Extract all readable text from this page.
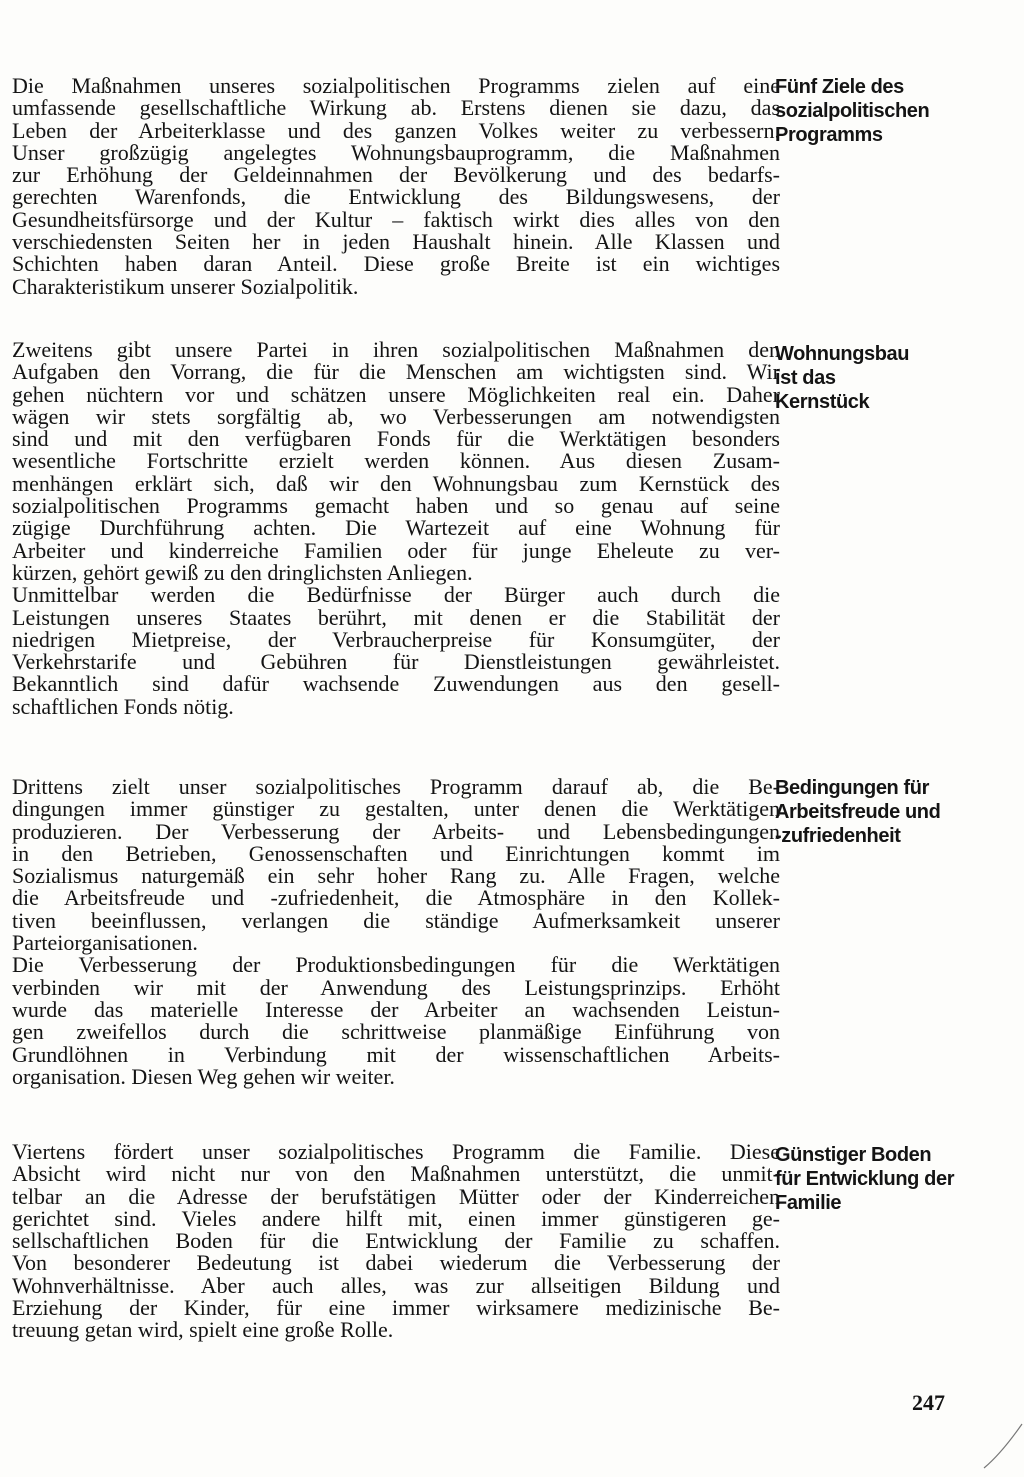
Die Maßnahmen unseres sozialpolitischen Programms zielen auf eine
umfassende gesellschaftliche Wirkung ab. Erstens dienen sie dazu, das
Leben der Arbeiterklasse und des ganzen Volkes weiter zu verbessern.
Unser großzügig angelegtes Wohnungsbauprogramm, die Maßnahmen
zur Erhöhung der Geldeinnahmen der Bevölkerung und des bedarfs-
gerechten Warenfonds, die Entwicklung des Bildungswesens, der
Gesundheitsfürsorge und der Kultur – faktisch wirkt dies alles von den
verschiedensten Seiten her in jeden Haushalt hinein. Alle Klassen und
Schichten haben daran Anteil. Diese große Breite ist ein wichtiges
Charakteristikum unserer Sozialpolitik.
Fünf Ziele des
sozialpolitischen
Programms
Zweitens gibt unsere Partei in ihren sozialpolitischen Maßnahmen den
Aufgaben den Vorrang, die für die Menschen am wichtigsten sind. Wir
gehen nüchtern vor und schätzen unsere Möglichkeiten real ein. Daher
wägen wir stets sorgfältig ab, wo Verbesserungen am notwendigsten
sind und mit den verfügbaren Fonds für die Werktätigen besonders
wesentliche Fortschritte erzielt werden können. Aus diesen Zusam-
menhängen erklärt sich, daß wir den Wohnungsbau zum Kernstück des
sozialpolitischen Programms gemacht haben und so genau auf seine
zügige Durchführung achten. Die Wartezeit auf eine Wohnung für
Arbeiter und kinderreiche Familien oder für junge Eheleute zu ver-
kürzen, gehört gewiß zu den dringlichsten Anliegen.
Unmittelbar werden die Bedürfnisse der Bürger auch durch die
Leistungen unseres Staates berührt, mit denen er die Stabilität der
niedrigen Mietpreise, der Verbraucherpreise für Konsumgüter, der
Verkehrstarife und Gebühren für Dienstleistungen gewährleistet.
Bekanntlich sind dafür wachsende Zuwendungen aus den gesell-
schaftlichen Fonds nötig.
Wohnungsbau
ist das
Kernstück
Drittens zielt unser sozialpolitisches Programm darauf ab, die Be-
dingungen immer günstiger zu gestalten, unter denen die Werktätigen
produzieren. Der Verbesserung der Arbeits- und Lebensbedingungen
in den Betrieben, Genossenschaften und Einrichtungen kommt im
Sozialismus naturgemäß ein sehr hoher Rang zu. Alle Fragen, welche
die Arbeitsfreude und -zufriedenheit, die Atmosphäre in den Kollek-
tiven beeinflussen, verlangen die ständige Aufmerksamkeit unserer
Parteiorganisationen.
Die Verbesserung der Produktionsbedingungen für die Werktätigen
verbinden wir mit der Anwendung des Leistungsprinzips. Erhöht
wurde das materielle Interesse der Arbeiter an wachsenden Leistun-
gen zweifellos durch die schrittweise planmäßige Einführung von
Grundlöhnen in Verbindung mit der wissenschaftlichen Arbeits-
organisation. Diesen Weg gehen wir weiter.
Bedingungen für
Arbeitsfreude und
-zufriedenheit
Viertens fördert unser sozialpolitisches Programm die Familie. Diese
Absicht wird nicht nur von den Maßnahmen unterstützt, die unmit-
telbar an die Adresse der berufstätigen Mütter oder der Kinderreichen
gerichtet sind. Vieles andere hilft mit, einen immer günstigeren ge-
sellschaftlichen Boden für die Entwicklung der Familie zu schaffen.
Von besonderer Bedeutung ist dabei wiederum die Verbesserung der
Wohnverhältnisse. Aber auch alles, was zur allseitigen Bildung und
Erziehung der Kinder, für eine immer wirksamere medizinische Be-
treuung getan wird, spielt eine große Rolle.
Günstiger Boden
für Entwicklung der
Familie
247
